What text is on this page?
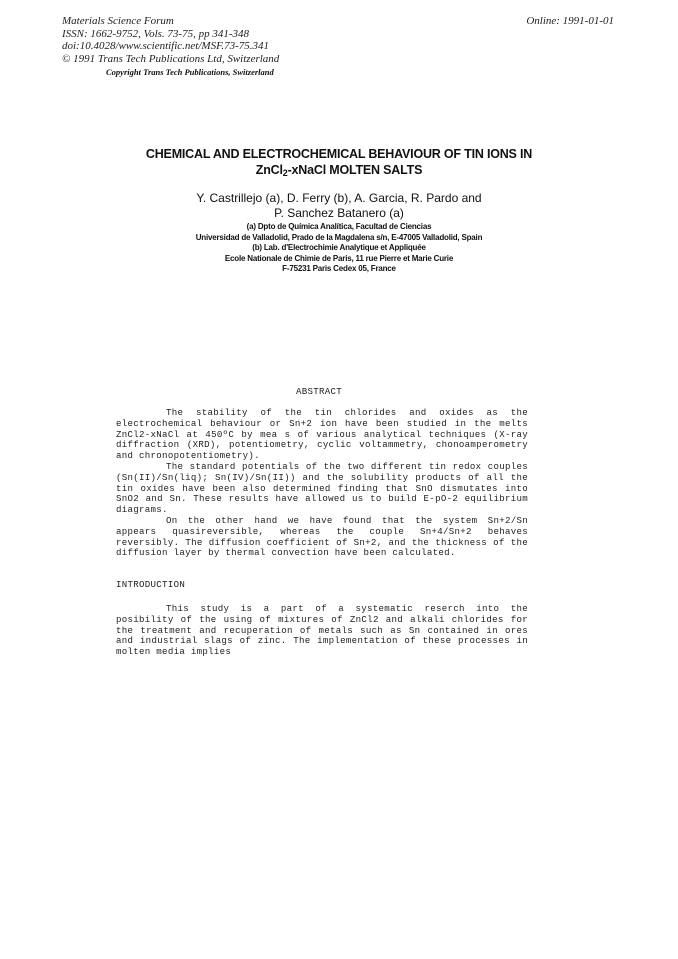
Materials Science Forum
ISSN: 1662-9752, Vols. 73-75, pp 341-348
doi:10.4028/www.scientific.net/MSF.73-75.341
© 1991 Trans Tech Publications Ltd, Switzerland
Copyright Trans Tech Publications, Switzerland
Online: 1991-01-01
CHEMICAL AND ELECTROCHEMICAL BEHAVIOUR OF TIN IONS IN
ZnCl$_2$-xNaCl MOLTEN SALTS
Y. Castrillejo (a), D. Ferry (b), A. Garcia, R. Pardo and
P. Sanchez Batanero (a)
(a) Dpto de Química Analítica, Facultad de Ciencias
Universidad de Valladolid, Prado de la Magdalena s/n, E-47005 Valladolid, Spain
(b) Lab. d'Electrochimie Analytique et Appliquée
Ecole Nationale de Chimie de Paris, 11 rue Pierre et Marie Curie
F-75231 Paris Cedex 05, France
ABSTRACT

The stability of the tin chlorides and oxides as the electrochemical behaviour or Sn+2 ion have been studied in the melts ZnCl2-xNaCl at 450ºC by mea s of various analytical techniques (X-ray diffraction (XRD), potentiometry, cyclic voltammetry, chonoamperometry and chronopotentiometry).

The standard potentials of the two different tin redox couples (Sn(II)/Sn(liq); Sn(IV)/Sn(II)) and the solubility products of all the tin oxides have been also determined finding that SnO dismutates into SnO2 and Sn. These results have allowed us to build E-pO-2 equilibrium diagrams.

On the other hand we have found that the system Sn+2/Sn appears quasireversible, whereas the couple Sn+4/Sn+2 behaves reversibly. The diffusion coefficient of Sn+2, and the thickness of the diffusion layer by thermal convection have been calculated.

INTRODUCTION

This study is a part of a systematic reserch into the posibility of the using of mixtures of ZnCl2 and alkali chlorides for the treatment and recuperation of metals such as Sn contained in ores and industrial slags of zinc. The implementation of these processes in molten media implies
